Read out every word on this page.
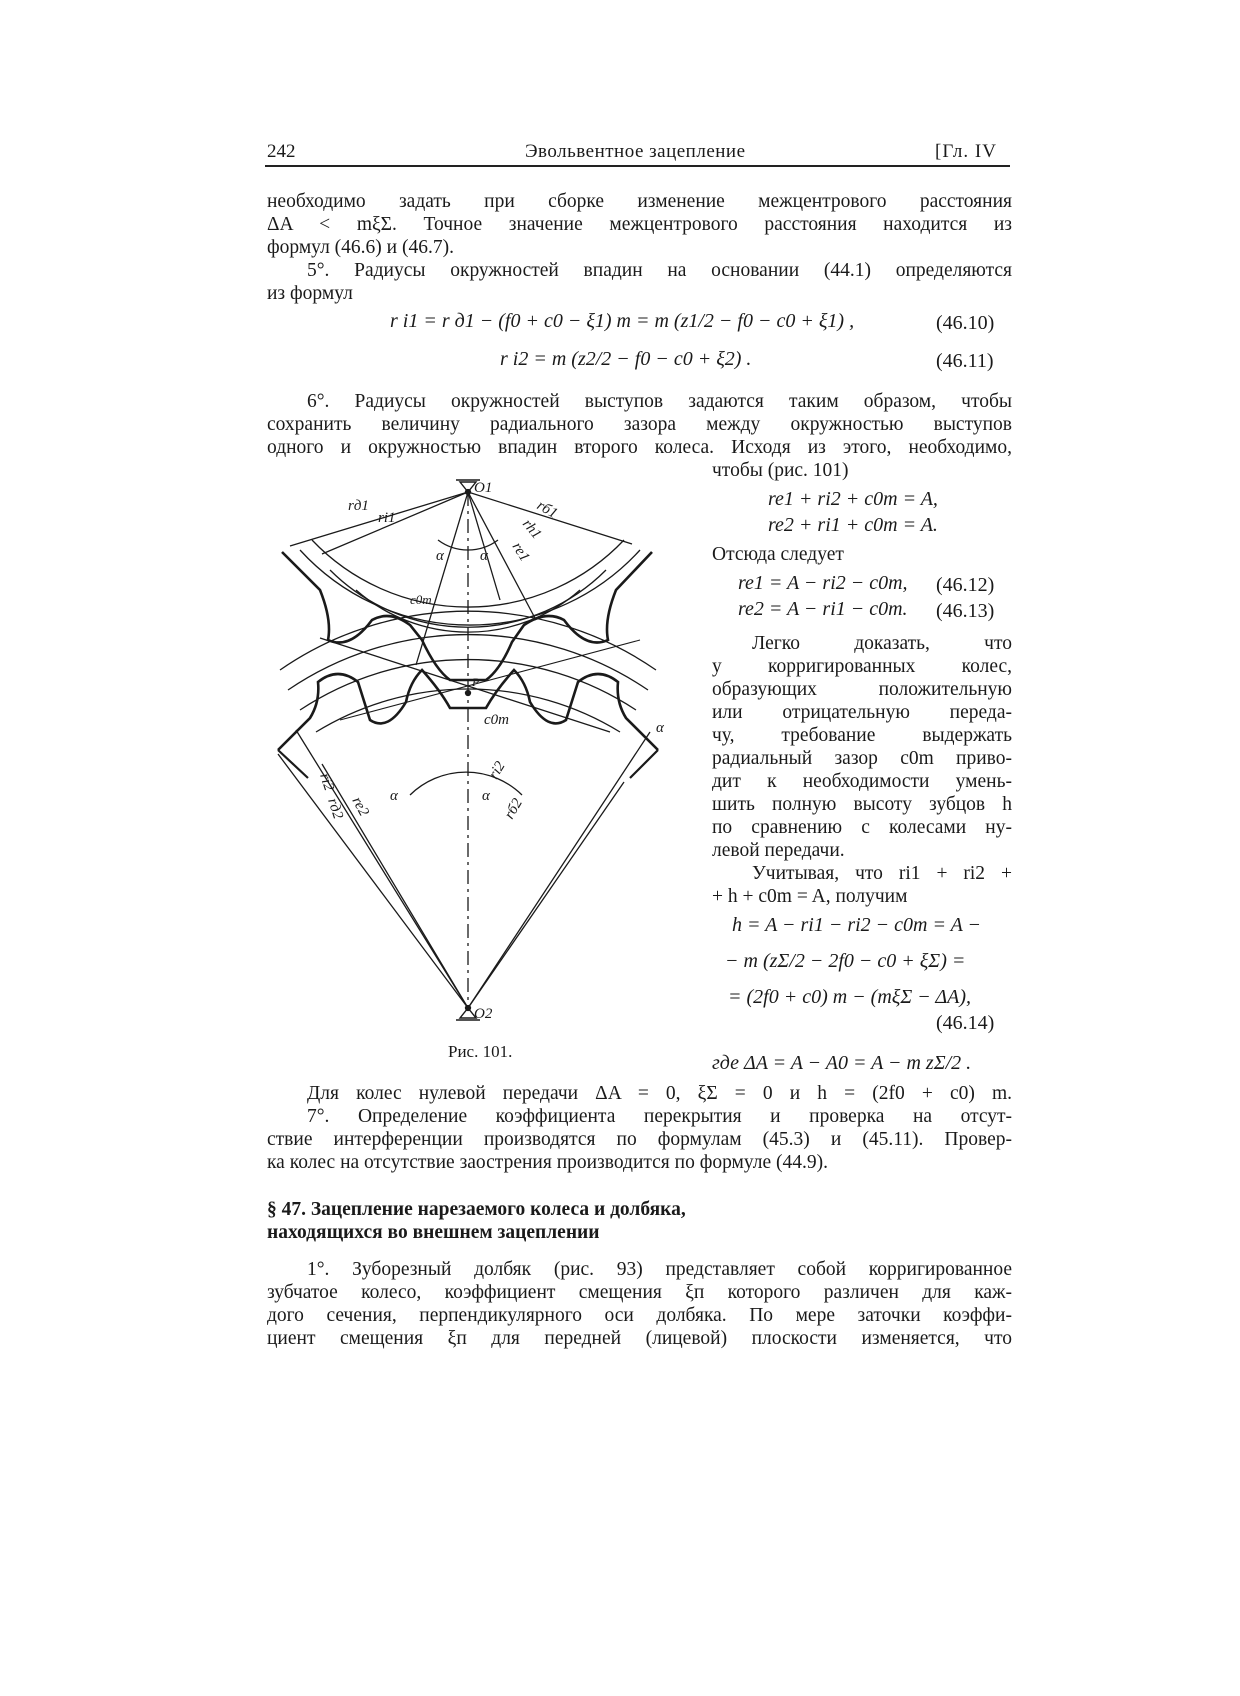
242	Эвольвентное зацепление	[Гл. IV
необходимо задать при сборке изменение межцентрового расстояния
ΔA < mξΣ. Точное значение межцентрового расстояния находится из
формул (46.6) и (46.7).
5°. Радиусы окружностей впадин на основании (44.1) определяются
из формул
r i1 = r д1 − (f0 + c0 − ξ1) m = m (z1/2 − f0 − c0 + ξ1) ,	(46.10)
r i2 = m (z2/2 − f0 − c0 + ξ2) .	(46.11)
6°. Радиусы окружностей выступов задаются таким образом, чтобы
сохранить величину радиального зазора между окружностью выступов
одного и окружностью впадин второго колеса. Исходя из этого, необходимо,
чтобы (рис. 101)
re1 + ri2 + c0m = A,
re2 + ri1 + c0m = A.
Отсюда следует
re1 = A − ri2 − c0m, (46.12)
re2 = A − ri1 − c0m. (46.13)
Легко доказать, что
у корригированных колес,
образующих положительную
или отрицательную переда-
чу, требование выдержать
радиальный зазор c0m приво-
дит к необходимости умень-
шить полную высоту зубцов h
по сравнению с колесами ну-
левой передачи.
Учитывая, что ri1 + ri2 +
+ h + c0m = A, получим
h = A − ri1 − ri2 − c0m = A −
− m (zΣ/2 − 2f0 − c0 + ξΣ) =
= (2f0 + c0) m − (mξΣ − ΔA),
(46.14)
где ΔA = A − A0 = A − m zΣ/2 .
Рис. 101.
Для колес нулевой передачи ΔA = 0, ξΣ = 0 и h = (2f0 + c0) m.
7°. Определение коэффициента перекрытия и проверка на отсут-
ствие интерференции производятся по формулам (45.3) и (45.11). Провер-
ка колес на отсутствие заострения производится по формуле (44.9).
§ 47. Зацепление нарезаемого колеса и долбяка,
находящихся во внешнем зацеплении
1°. Зуборезный долбяк (рис. 93) представляет собой корригированное
зубчатое колесо, коэффициент смещения ξп которого различен для каж-
дого сечения, перпендикулярного оси долбяка. По мере заточки коэффи-
циент смещения ξп для передней (лицевой) плоскости изменяется, что
O1
O2
P
rд1
ri1	rб1
rh1
re1
α α
c0m
c0m	α
α	α
ri2
rд2 re2
ri2
rб2
